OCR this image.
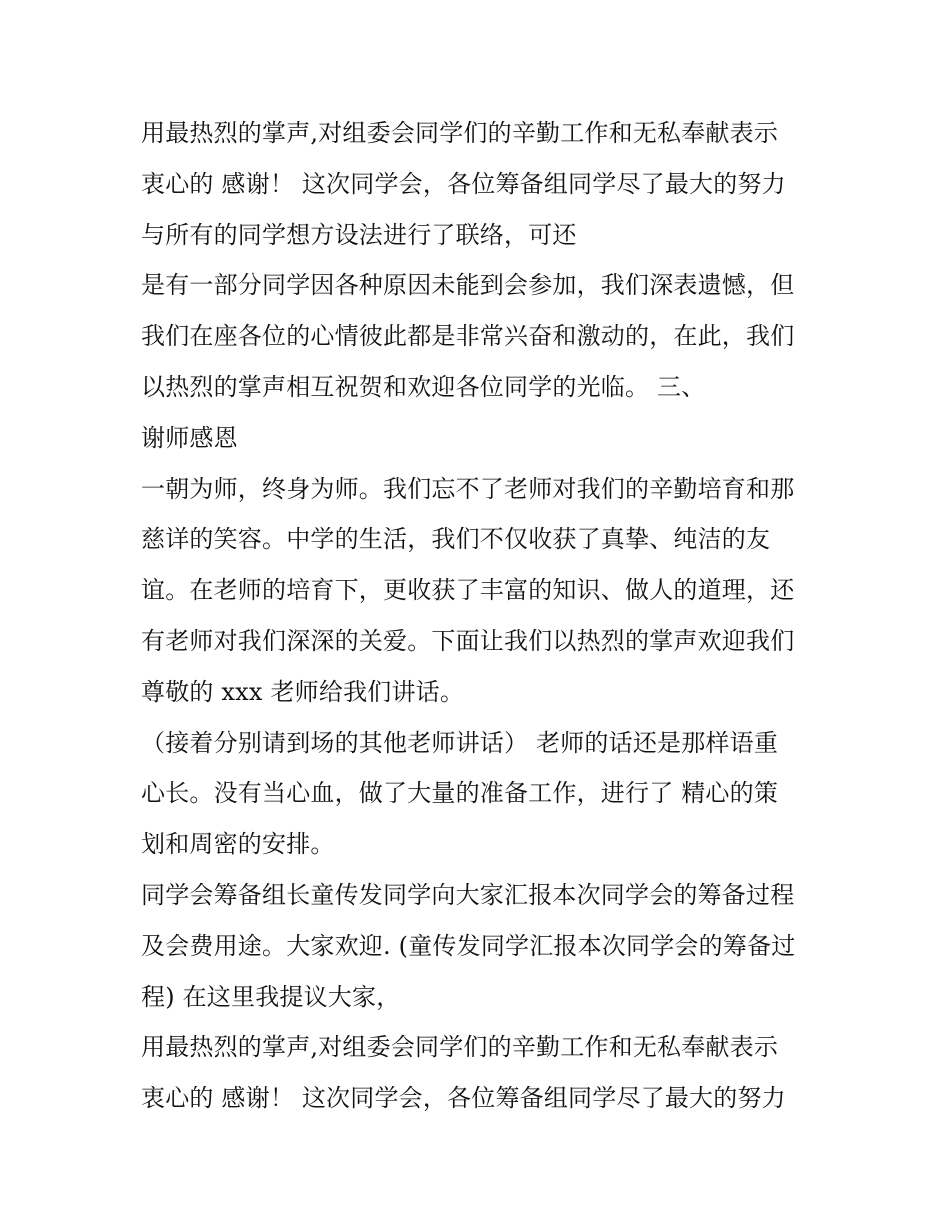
用最热烈的掌声,对组委会同学们的辛勤工作和无私奉献表示
衷心的 感谢！ 这次同学会，各位筹备组同学尽了最大的努力
与所有的同学想方设法进行了联络，可还
是有一部分同学因各种原因未能到会参加，我们深表遗憾，但
我们在座各位的心情彼此都是非常兴奋和激动的，在此，我们
以热烈的掌声相互祝贺和欢迎各位同学的光临。 三、
谢师感恩
一朝为师，终身为师。我们忘不了老师对我们的辛勤培育和那
慈详的笑容。中学的生活，我们不仅收获了真挚、纯洁的友
谊。在老师的培育下，更收获了丰富的知识、做人的道理，还
有老师对我们深深的关爱。下面让我们以热烈的掌声欢迎我们
尊敬的 xxx 老师给我们讲话。
（接着分别请到场的其他老师讲话） 老师的话还是那样语重
心长。没有当心血，做了大量的准备工作，进行了 精心的策
划和周密的安排。
同学会筹备组长童传发同学向大家汇报本次同学会的筹备过程
及会费用途。大家欢迎. (童传发同学汇报本次同学会的筹备过
程) 在这里我提议大家，
用最热烈的掌声,对组委会同学们的辛勤工作和无私奉献表示
衷心的 感谢！ 这次同学会，各位筹备组同学尽了最大的努力
